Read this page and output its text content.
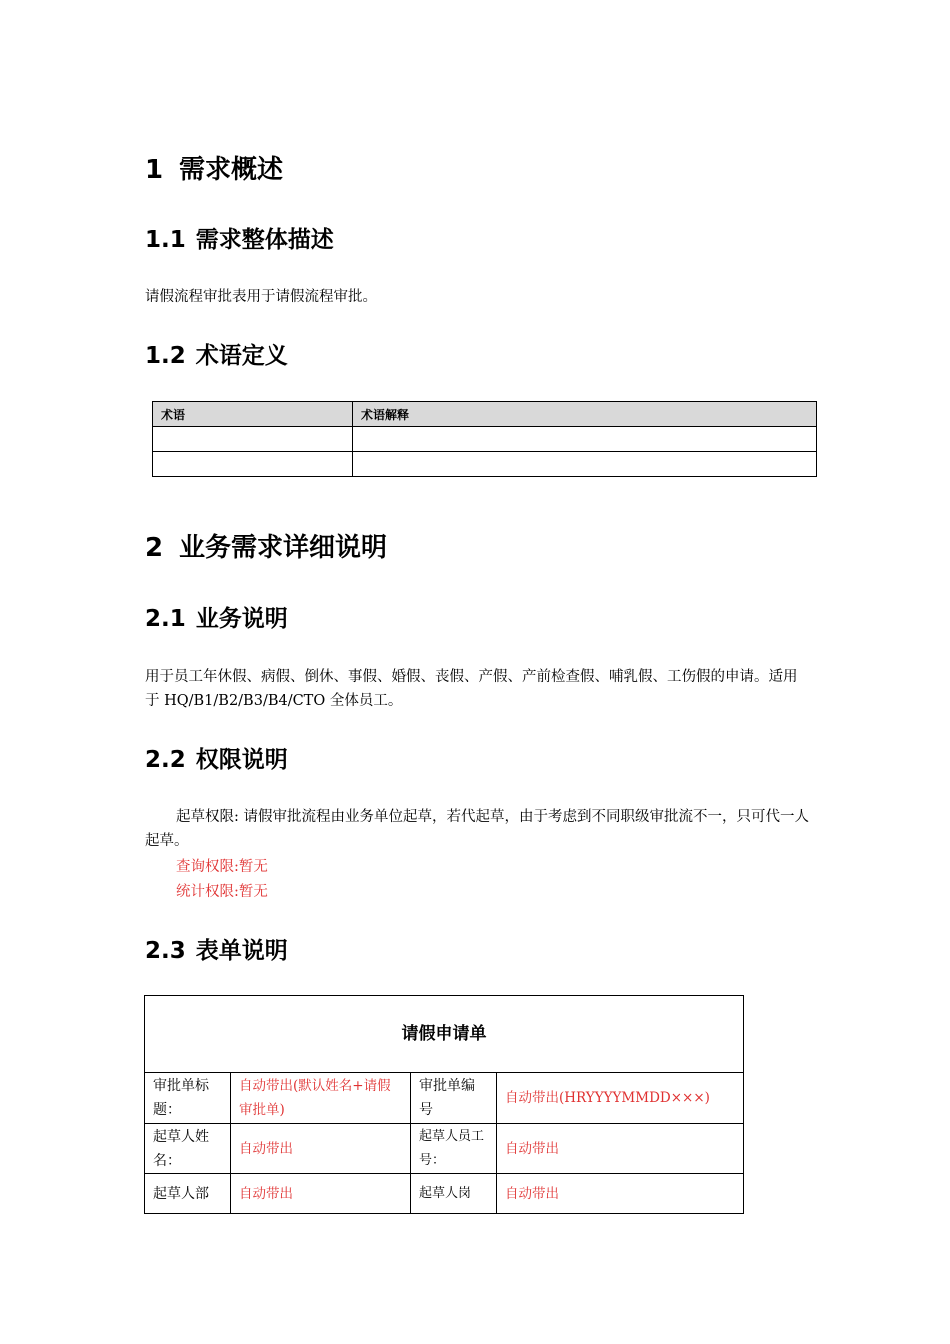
1 需求概述
1.1 需求整体描述
请假流程审批表用于请假流程审批。
1.2 术语定义
术语	术语解释

2 业务需求详细说明
2.1 业务说明
用于员工年休假、病假、倒休、事假、婚假、丧假、产假、产前检查假、哺乳假、工伤假的申请。适用于 HQ/B1/B2/B3/B4/CTO 全体员工。
2.2 权限说明
起草权限: 请假审批流程由业务单位起草，若代起草，由于考虑到不同职级审批流不一，只可代一人起草。
查询权限:暂无
统计权限:暂无
2.3 表单说明
请假申请单			
审批单标题：	自动带出(默认姓名+请假审批单)	审批单编号	自动带出(HRYYYYMMDD×××)
起草人姓名：	自动带出	起草人员工号：	自动带出
起草人部	自动带出	起草人岗	自动带出
